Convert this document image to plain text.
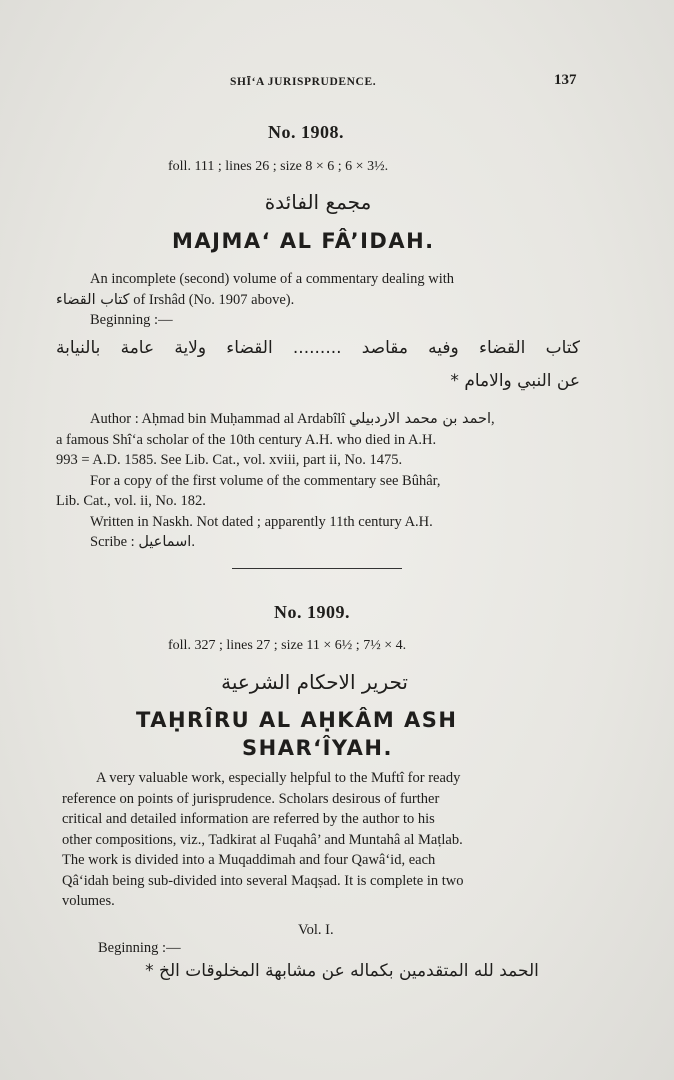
SHĪ‘A JURISPRUDENCE.	137
No. 1908.
foll. 111 ; lines 26 ; size 8 × 6 ; 6 × 3½.
مجمع الفائدة
MAJMA‘ AL FÂ’IDAH.
An incomplete (second) volume of a commentary dealing with
كتاب القضاء of Irshâd (No. 1907 above).
Beginning :—
كتاب القضاء وفيه مقاصد ......... القضاء ولاية عامة بالنيابة
عن النبي والامام *
Author : Aḥmad bin Muḥammad al Ardabîlî احمد بن محمد الاردبيلي,
a famous Shî‘a scholar of the 10th century A.H. who died in A.H.
993 = A.D. 1585. See Lib. Cat., vol. xviii, part ii, No. 1475.
For a copy of the first volume of the commentary see Bûhâr,
Lib. Cat., vol. ii, No. 182.
Written in Naskh. Not dated ; apparently 11th century A.H.
Scribe : اسماعيل.
No. 1909.
foll. 327 ; lines 27 ; size 11 × 6½ ; 7½ × 4.
تحرير الاحكام الشرعية
TAḤRÎRU AL AḤKÂM ASH
SHAR‘ÎYAH.
A very valuable work, especially helpful to the Muftî for ready
reference on points of jurisprudence. Scholars desirous of further
critical and detailed information are referred by the author to his
other compositions, viz., Tadkirat al Fuqahâ’ and Muntahâ al Maṭlab.
The work is divided into a Muqaddimah and four Qawâ‘id, each
Qâ‘idah being sub-divided into several Maqṣad. It is complete in two
volumes.
Vol. I.
Beginning :—
الحمد لله المتقدمين بكماله عن مشابهة المخلوقات الخ *
